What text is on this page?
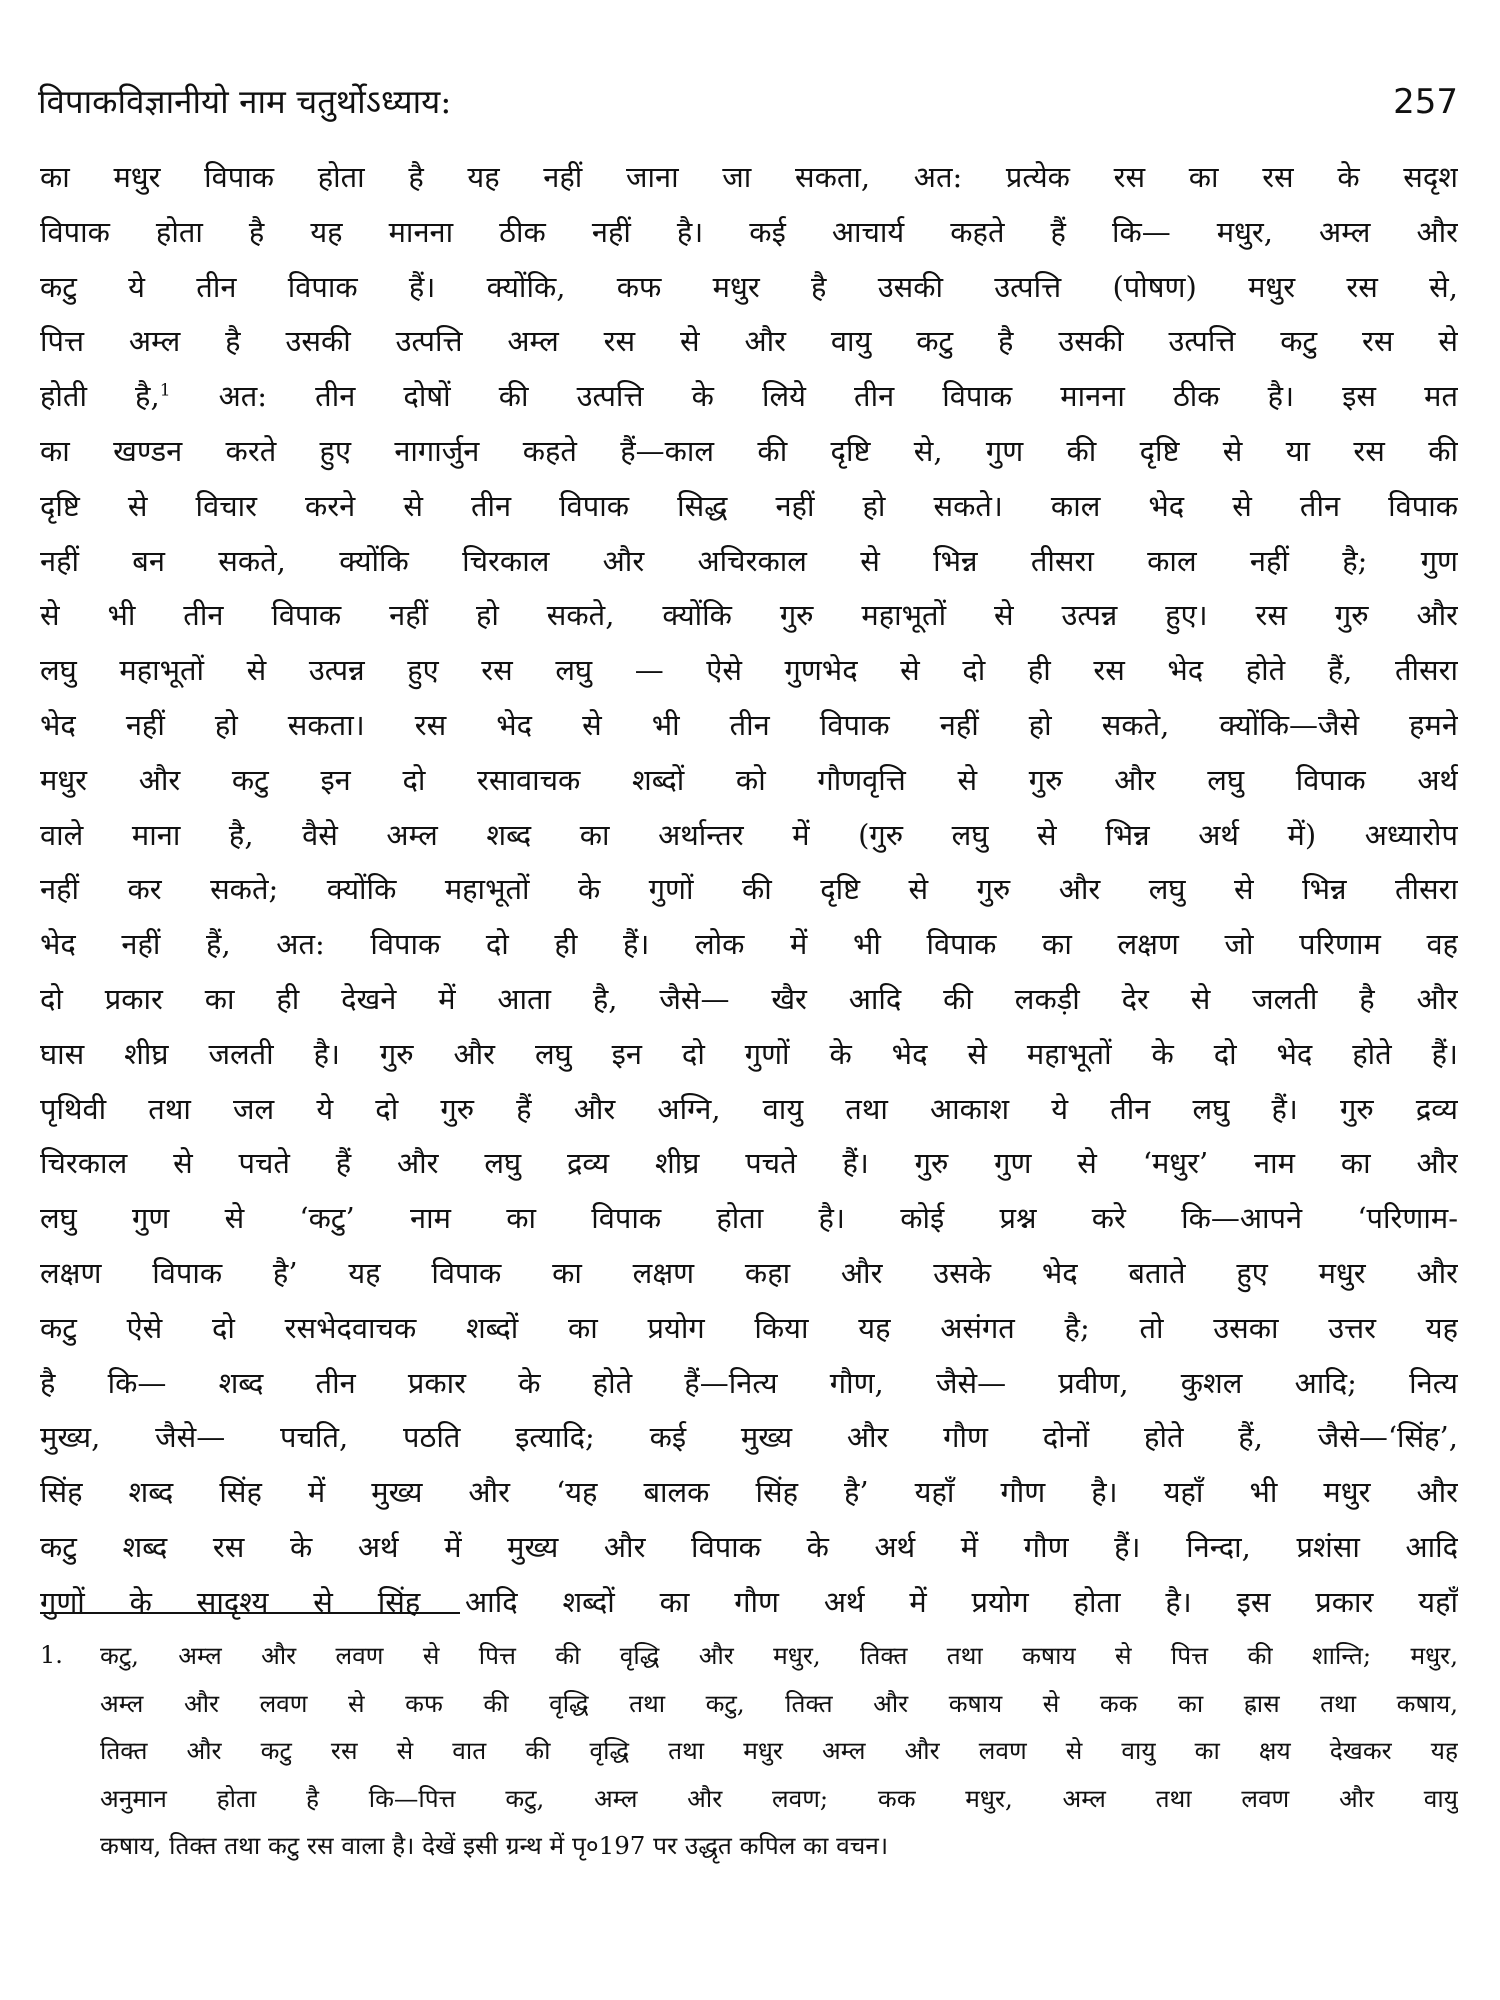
विपाकविज्ञानीयो नाम चतुर्थोऽध्याय:	257
का मधुर विपाक होता है यह नहीं जाना जा सकता, अत: प्रत्येक रस का रस के सदृश
विपाक होता है यह मानना ठीक नहीं है। कई आचार्य कहते हैं कि— मधुर, अम्ल और
कटु ये तीन विपाक हैं। क्योंकि, कफ मधुर है उसकी उत्पत्ति (पोषण) मधुर रस से,
पित्त अम्ल है उसकी उत्पत्ति अम्ल रस से और वायु कटु है उसकी उत्पत्ति कटु रस से
होती है,$^1$ अत: तीन दोषों की उत्पत्ति के लिये तीन विपाक मानना ठीक है। इस मत
का खण्डन करते हुए नागार्जुन कहते हैं—काल की दृष्टि से, गुण की दृष्टि से या रस की
दृष्टि से विचार करने से तीन विपाक सिद्ध नहीं हो सकते। काल भेद से तीन विपाक
नहीं बन सकते, क्योंकि चिरकाल और अचिरकाल से भिन्न तीसरा काल नहीं है; गुण
से भी तीन विपाक नहीं हो सकते, क्योंकि गुरु महाभूतों से उत्पन्न हुए। रस गुरु और
लघु महाभूतों से उत्पन्न हुए रस लघु — ऐसे गुणभेद से दो ही रस भेद होते हैं, तीसरा
भेद नहीं हो सकता। रस भेद से भी तीन विपाक नहीं हो सकते, क्योंकि—जैसे हमने
मधुर और कटु इन दो रसावाचक शब्दों को गौणवृत्ति से गुरु और लघु विपाक अर्थ
वाले माना है, वैसे अम्ल शब्द का अर्थान्तर में (गुरु लघु से भिन्न अर्थ में) अध्यारोप
नहीं कर सकते; क्योंकि महाभूतों के गुणों की दृष्टि से गुरु और लघु से भिन्न तीसरा
भेद नहीं हैं, अत: विपाक दो ही हैं। लोक में भी विपाक का लक्षण जो परिणाम वह
दो प्रकार का ही देखने में आता है, जैसे— खैर आदि की लकड़ी देर से जलती है और
घास शीघ्र जलती है। गुरु और लघु इन दो गुणों के भेद से महाभूतों के दो भेद होते हैं।
पृथिवी तथा जल ये दो गुरु हैं और अग्नि, वायु तथा आकाश ये तीन लघु हैं। गुरु द्रव्य
चिरकाल से पचते हैं और लघु द्रव्य शीघ्र पचते हैं। गुरु गुण से ‘मधुर’ नाम का और
लघु गुण से ‘कटु’ नाम का विपाक होता है। कोई प्रश्न करे कि—आपने ‘परिणाम-
लक्षण विपाक है’ यह विपाक का लक्षण कहा और उसके भेद बताते हुए मधुर और
कटु ऐसे दो रसभेदवाचक शब्दों का प्रयोग किया यह असंगत है; तो उसका उत्तर यह
है कि— शब्द तीन प्रकार के होते हैं—नित्य गौण, जैसे— प्रवीण, कुशल आदि; नित्य
मुख्य, जैसे— पचति, पठति इत्यादि; कई मुख्य और गौण दोनों होते हैं, जैसे—‘सिंह’,
सिंह शब्द सिंह में मुख्य और ‘यह बालक सिंह है’ यहाँ गौण है। यहाँ भी मधुर और
कटु शब्द रस के अर्थ में मुख्य और विपाक के अर्थ में गौण हैं। निन्दा, प्रशंसा आदि
गुणों के सादृश्य से सिंह आदि शब्दों का गौण अर्थ में प्रयोग होता है। इस प्रकार यहाँ
1.	कटु, अम्ल और लवण से पित्त की वृद्धि और मधुर, तिक्त तथा कषाय से पित्त की शान्ति; मधुर,
अम्ल और लवण से कफ की वृद्धि तथा कटु, तिक्त और कषाय से कक का ह्रास तथा कषाय,
तिक्त और कटु रस से वात की वृद्धि तथा मधुर अम्ल और लवण से वायु का क्षय देखकर यह
अनुमान होता है कि—पित्त कटु, अम्ल और लवण; कक मधुर, अम्ल तथा लवण और वायु
कषाय, तिक्त तथा कटु रस वाला है। देखें इसी ग्रन्थ में पृ०197 पर उद्धृत कपिल का वचन।
